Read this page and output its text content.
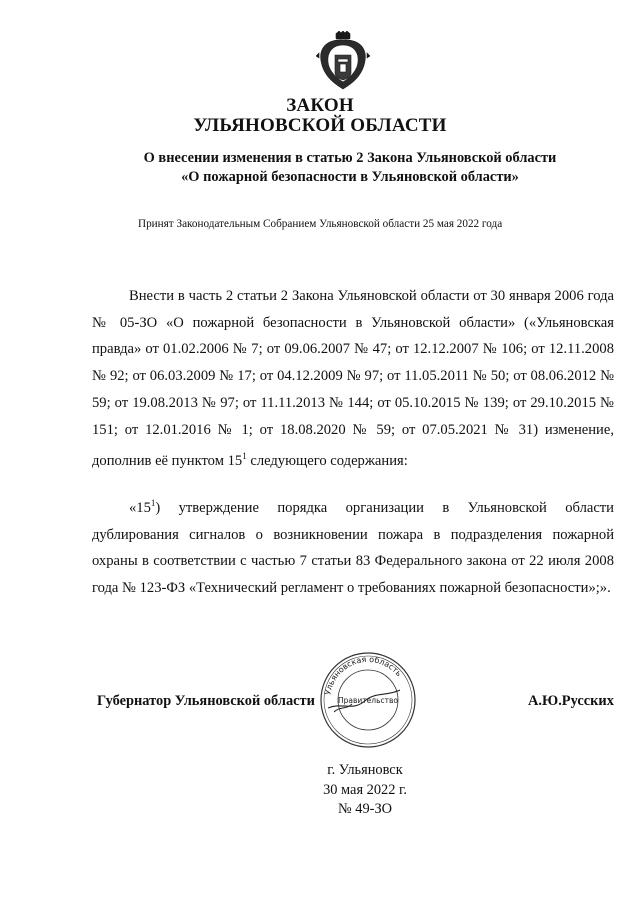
ЗАКОН
УЛЬЯНОВСКОЙ ОБЛАСТИ
О внесении изменения в статью 2 Закона Ульяновской области
«О пожарной безопасности в Ульяновской области»
Принят Законодательным Собранием Ульяновской области 25 мая 2022 года
Внести в часть 2 статьи 2 Закона Ульяновской области от 30 января 2006 года № 05-ЗО «О пожарной безопасности в Ульяновской области» («Ульяновская правда» от 01.02.2006 № 7; от 09.06.2007 № 47; от 12.12.2007 № 106; от 12.11.2008 № 92; от 06.03.2009 № 17; от 04.12.2009 № 97; от 11.05.2011 № 50; от 08.06.2012 № 59; от 19.08.2013 № 97; от 11.11.2013 № 144; от 05.10.2015 № 139; от 29.10.2015 № 151; от 12.01.2016 № 1; от 18.08.2020 № 59; от 07.05.2021 № 31) изменение, дополнив её пунктом $15^1$ следующего содержания:
«$15^1$) утверждение порядка организации в Ульяновской области дублирования сигналов о возникновении пожара в подразделения пожарной охраны в соответствии с частью 7 статьи 83 Федерального закона от 22 июля 2008 года № 123-ФЗ «Технический регламент о требованиях пожарной безопасности»;».
Губернатор Ульяновской области
Ульяновская область
Правительство	А.Ю.Русских
г. Ульяновск
30 мая 2022 г.
№ 49-ЗО
